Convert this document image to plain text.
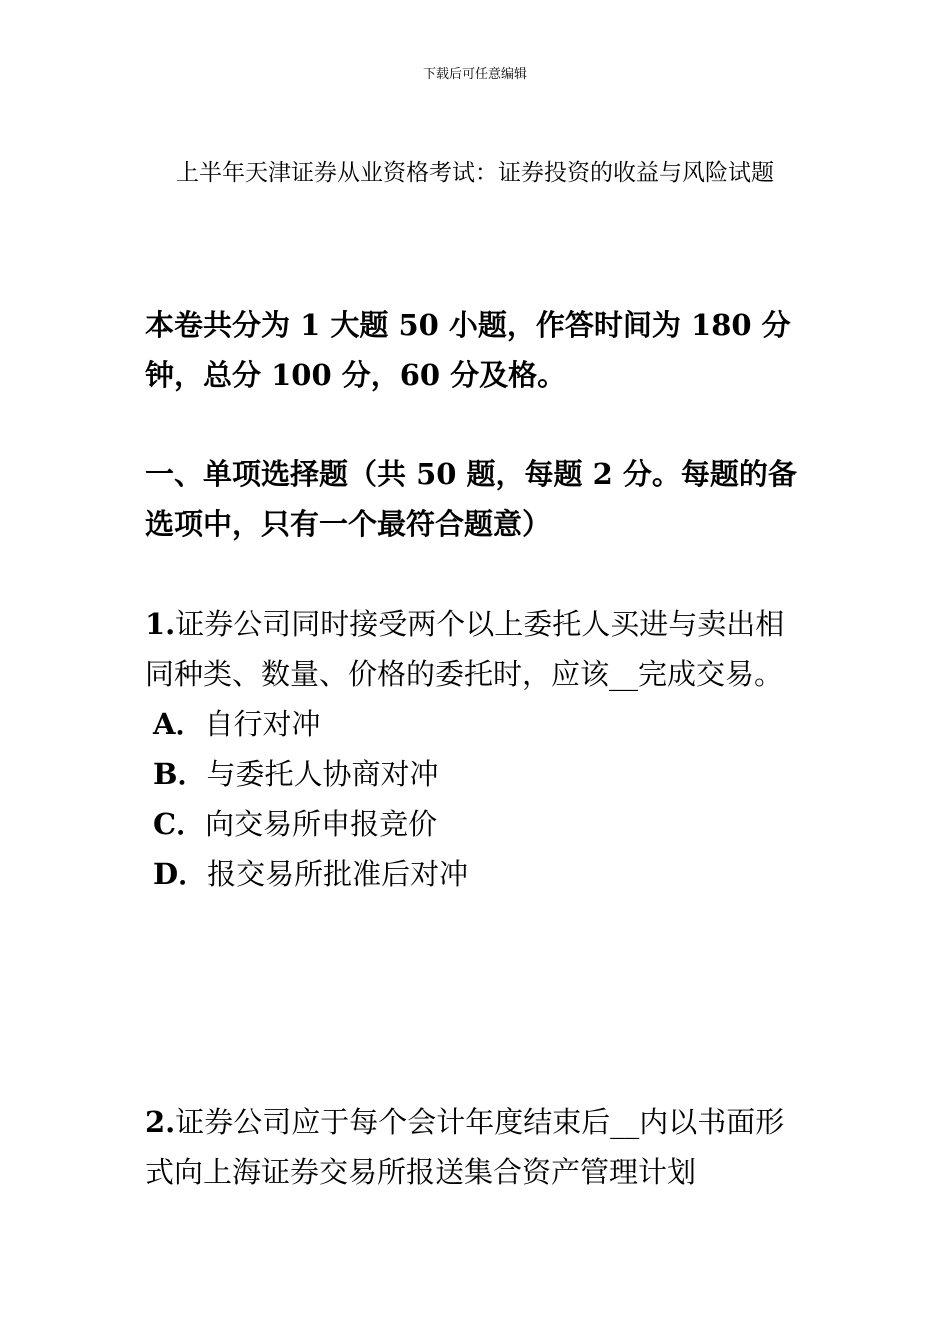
下载后可任意编辑
上半年天津证券从业资格考试：证券投资的收益与风险试题

本卷共分为 1 大题 50 小题，作答时间为 180 分钟，总分 100 分，60 分及格。

一、单项选择题（共 50 题，每题 2 分。每题的备选项中，只有一个最符合题意）

1.证券公司同时接受两个以上委托人买进与卖出相同种类、数量、价格的委托时，应该__完成交易。

A．自行对冲
B．与委托人协商对冲
C．向交易所申报竞价
D．报交易所批准后对冲

2.证券公司应于每个会计年度结束后__内以书面形式向上海证券交易所报送集合资产管理计划
